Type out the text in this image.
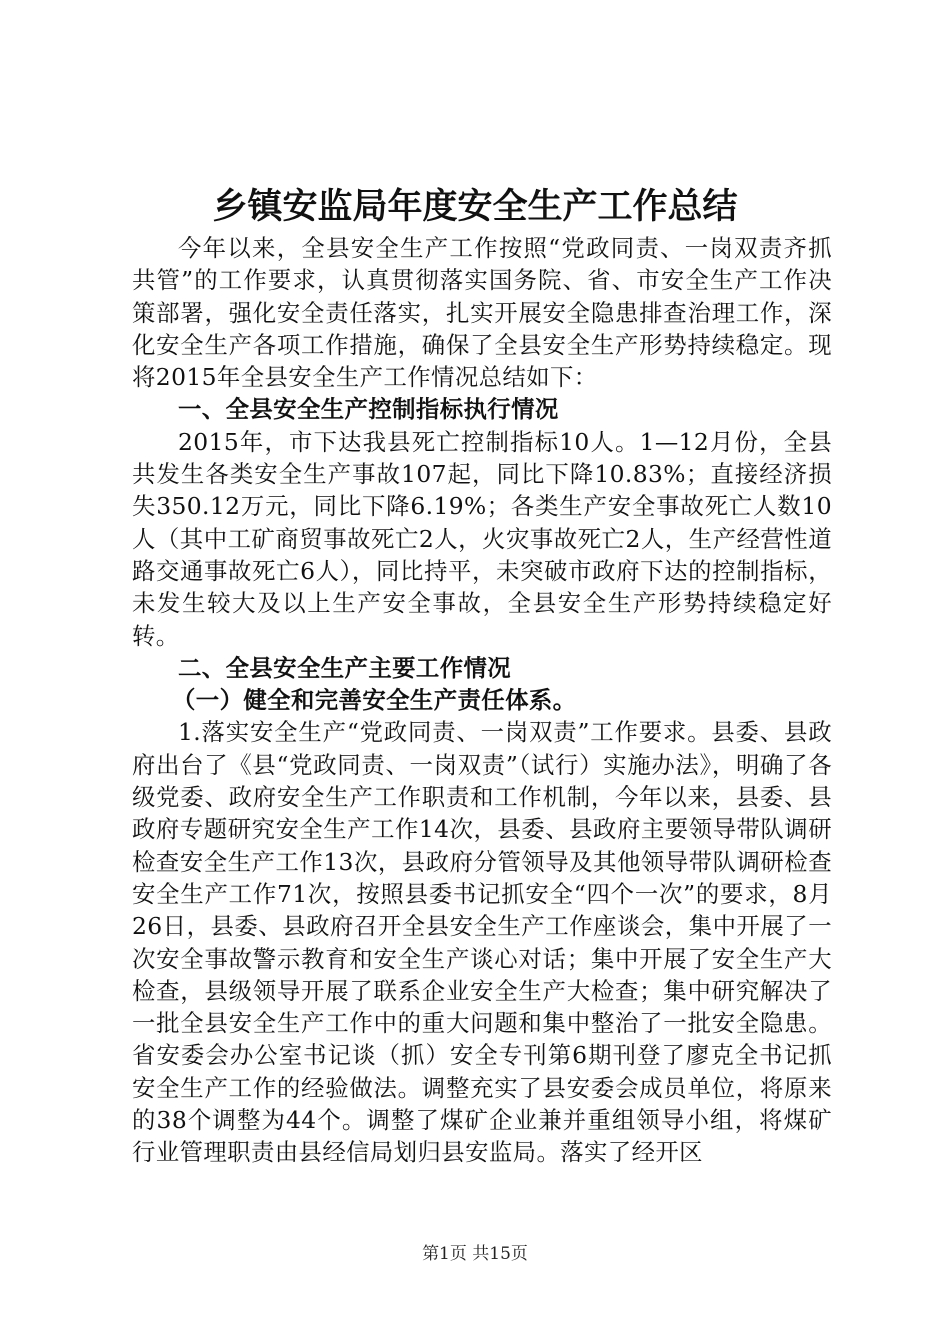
乡镇安监局年度安全生产工作总结

今年以来，全县安全生产工作按照“党政同责、一岗双责齐抓共管”的工作要求，认真贯彻落实国务院、省、市安全生产工作决策部署，强化安全责任落实，扎实开展安全隐患排查治理工作，深化安全生产各项工作措施，确保了全县安全生产形势持续稳定。现将2015年全县安全生产工作情况总结如下：

一、全县安全生产控制指标执行情况

2015年，市下达我县死亡控制指标10人。1—12月份，全县共发生各类安全生产事故107起，同比下降10.83%；直接经济损失350.12万元，同比下降6.19%；各类生产安全事故死亡人数10人（其中工矿商贸事故死亡2人，火灾事故死亡2人，生产经营性道路交通事故死亡6人），同比持平，未突破市政府下达的控制指标，未发生较大及以上生产安全事故，全县安全生产形势持续稳定好转。

二、全县安全生产主要工作情况

（一）健全和完善安全生产责任体系。

1.落实安全生产“党政同责、一岗双责”工作要求。县委、县政府出台了《县“党政同责、一岗双责”（试行）实施办法》，明确了各级党委、政府安全生产工作职责和工作机制，今年以来，县委、县政府专题研究安全生产工作14次，县委、县政府主要领导带队调研检查安全生产工作13次，县政府分管领导及其他领导带队调研检查安全生产工作71次，按照县委书记抓安全“四个一次”的要求，8月26日，县委、县政府召开全县安全生产工作座谈会，集中开展了一次安全事故警示教育和安全生产谈心对话；集中开展了安全生产大检查，县级领导开展了联系企业安全生产大检查；集中研究解决了一批全县安全生产工作中的重大问题和集中整治了一批安全隐患。省安委会办公室书记谈（抓）安全专刊第6期刊登了廖克全书记抓安全生产工作的经验做法。调整充实了县安委会成员单位，将原来的38个调整为44个。调整了煤矿企业兼并重组领导小组，将煤矿行业管理职责由县经信局划归县安监局。落实了经开区

第1页 共15页
